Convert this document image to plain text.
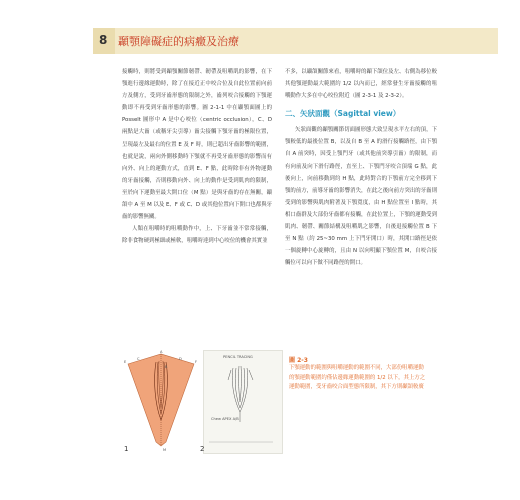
8 顳顎障礙症的病癥及治療

接觸時，則將受到顳顎關節韌帶、韌帶及咀嚼肌的影響，在下顎進行邊緣運動時，除了在接近正中咬合位及自此位置前向前方及側方，受到牙齒形態的限制之外，齒列咬合接觸的下顎運動即不再受到牙齒形態的影響。圖 2-1-1 中在顳顎面圖上的 Posselt 圖形中 A 是中心咬位（centric occlusion），C、D 兩點是大齒（或稱牙尖引導）齒尖接觸下顎牙齒的極限位置，呈現最左及最右的位置 E 及 F 時，則已超出牙齒影響的範圍，也就是說，兩向外側移動時下顎就不再受牙齒形態的影響而有向外、向上的運動方式，直到 E、F 點，此時除非有外物運動的牙齒接觸，否則移動向外、向上的動作是受到肌肉的限制，至於向下運動至最大開口位（M 點）是與牙齒的存在無關，顳頜中 A 至 M 以及 E、F 或 C、D 或其他位置向下開口也都與牙齒的影響無關。

人類在咀嚼時的咀嚼動作中，上、下牙齒並不常常接觸，除非食物硬到極細或極軟，咀嚼時達到中心咬位的機會其實並

不多，以顳頜關節來看，咀嚼時的顳下頜位及左、右側為移位較其他顎運動最大範圍約 1/2 以內而已，經常發生牙齒接觸的咀嚼動作大多在中心咬位附近（圖 2-3-1 及 2-3-2）。

二、矢狀面觀（Sagittal view）

矢狀面觀的顳顎關節切面圖形態大致呈現水平左右的頂，下顎較低的最後位置 B，以及自 B 至 A 的滑行接觸路徑，由下顎自 A 前突時，因受上顎門牙（或其他前突導引齒）的限制，而有向前及向下滑行路徑，直至上、下顎門牙咬合頂端 G 點，此後向上，向前移動到約 H 點，此時對合的下顎前方完全移到下顎的前方，前導牙齒的影響消失，在此之後向前方突出的牙齒則受到的影響與肌肉附著及下顎寬度，由 H 點位置至 I 點時，其相口齒群及大部份牙齒都有接觸，在此位置上，下顎的運動受到肌肉、韌帶、關節結構及咀嚼肌之影響，自後退接觸位置 B 下至 N 點（約 25~30 mm 上下門牙開口）時，其開口路徑是依一個旋轉中心旋轉的，且由 N 以向明顯下顎位置 M，自咬合接觸位可以向下做不同路徑的開口。

E
C
A
D
F
B
M
1
PENCIL TRACING
Chew APEX A/B
2
圖 2-3
下顎運動的範圍與咀嚼運動的範圍不同，大部份咀嚼運動的顎運動範圍約僅佔邊緣運動範圍的 1/2 以下，其上方之運動範圍，受牙齒咬合面型態所限制，其下方則顳頜較廣
